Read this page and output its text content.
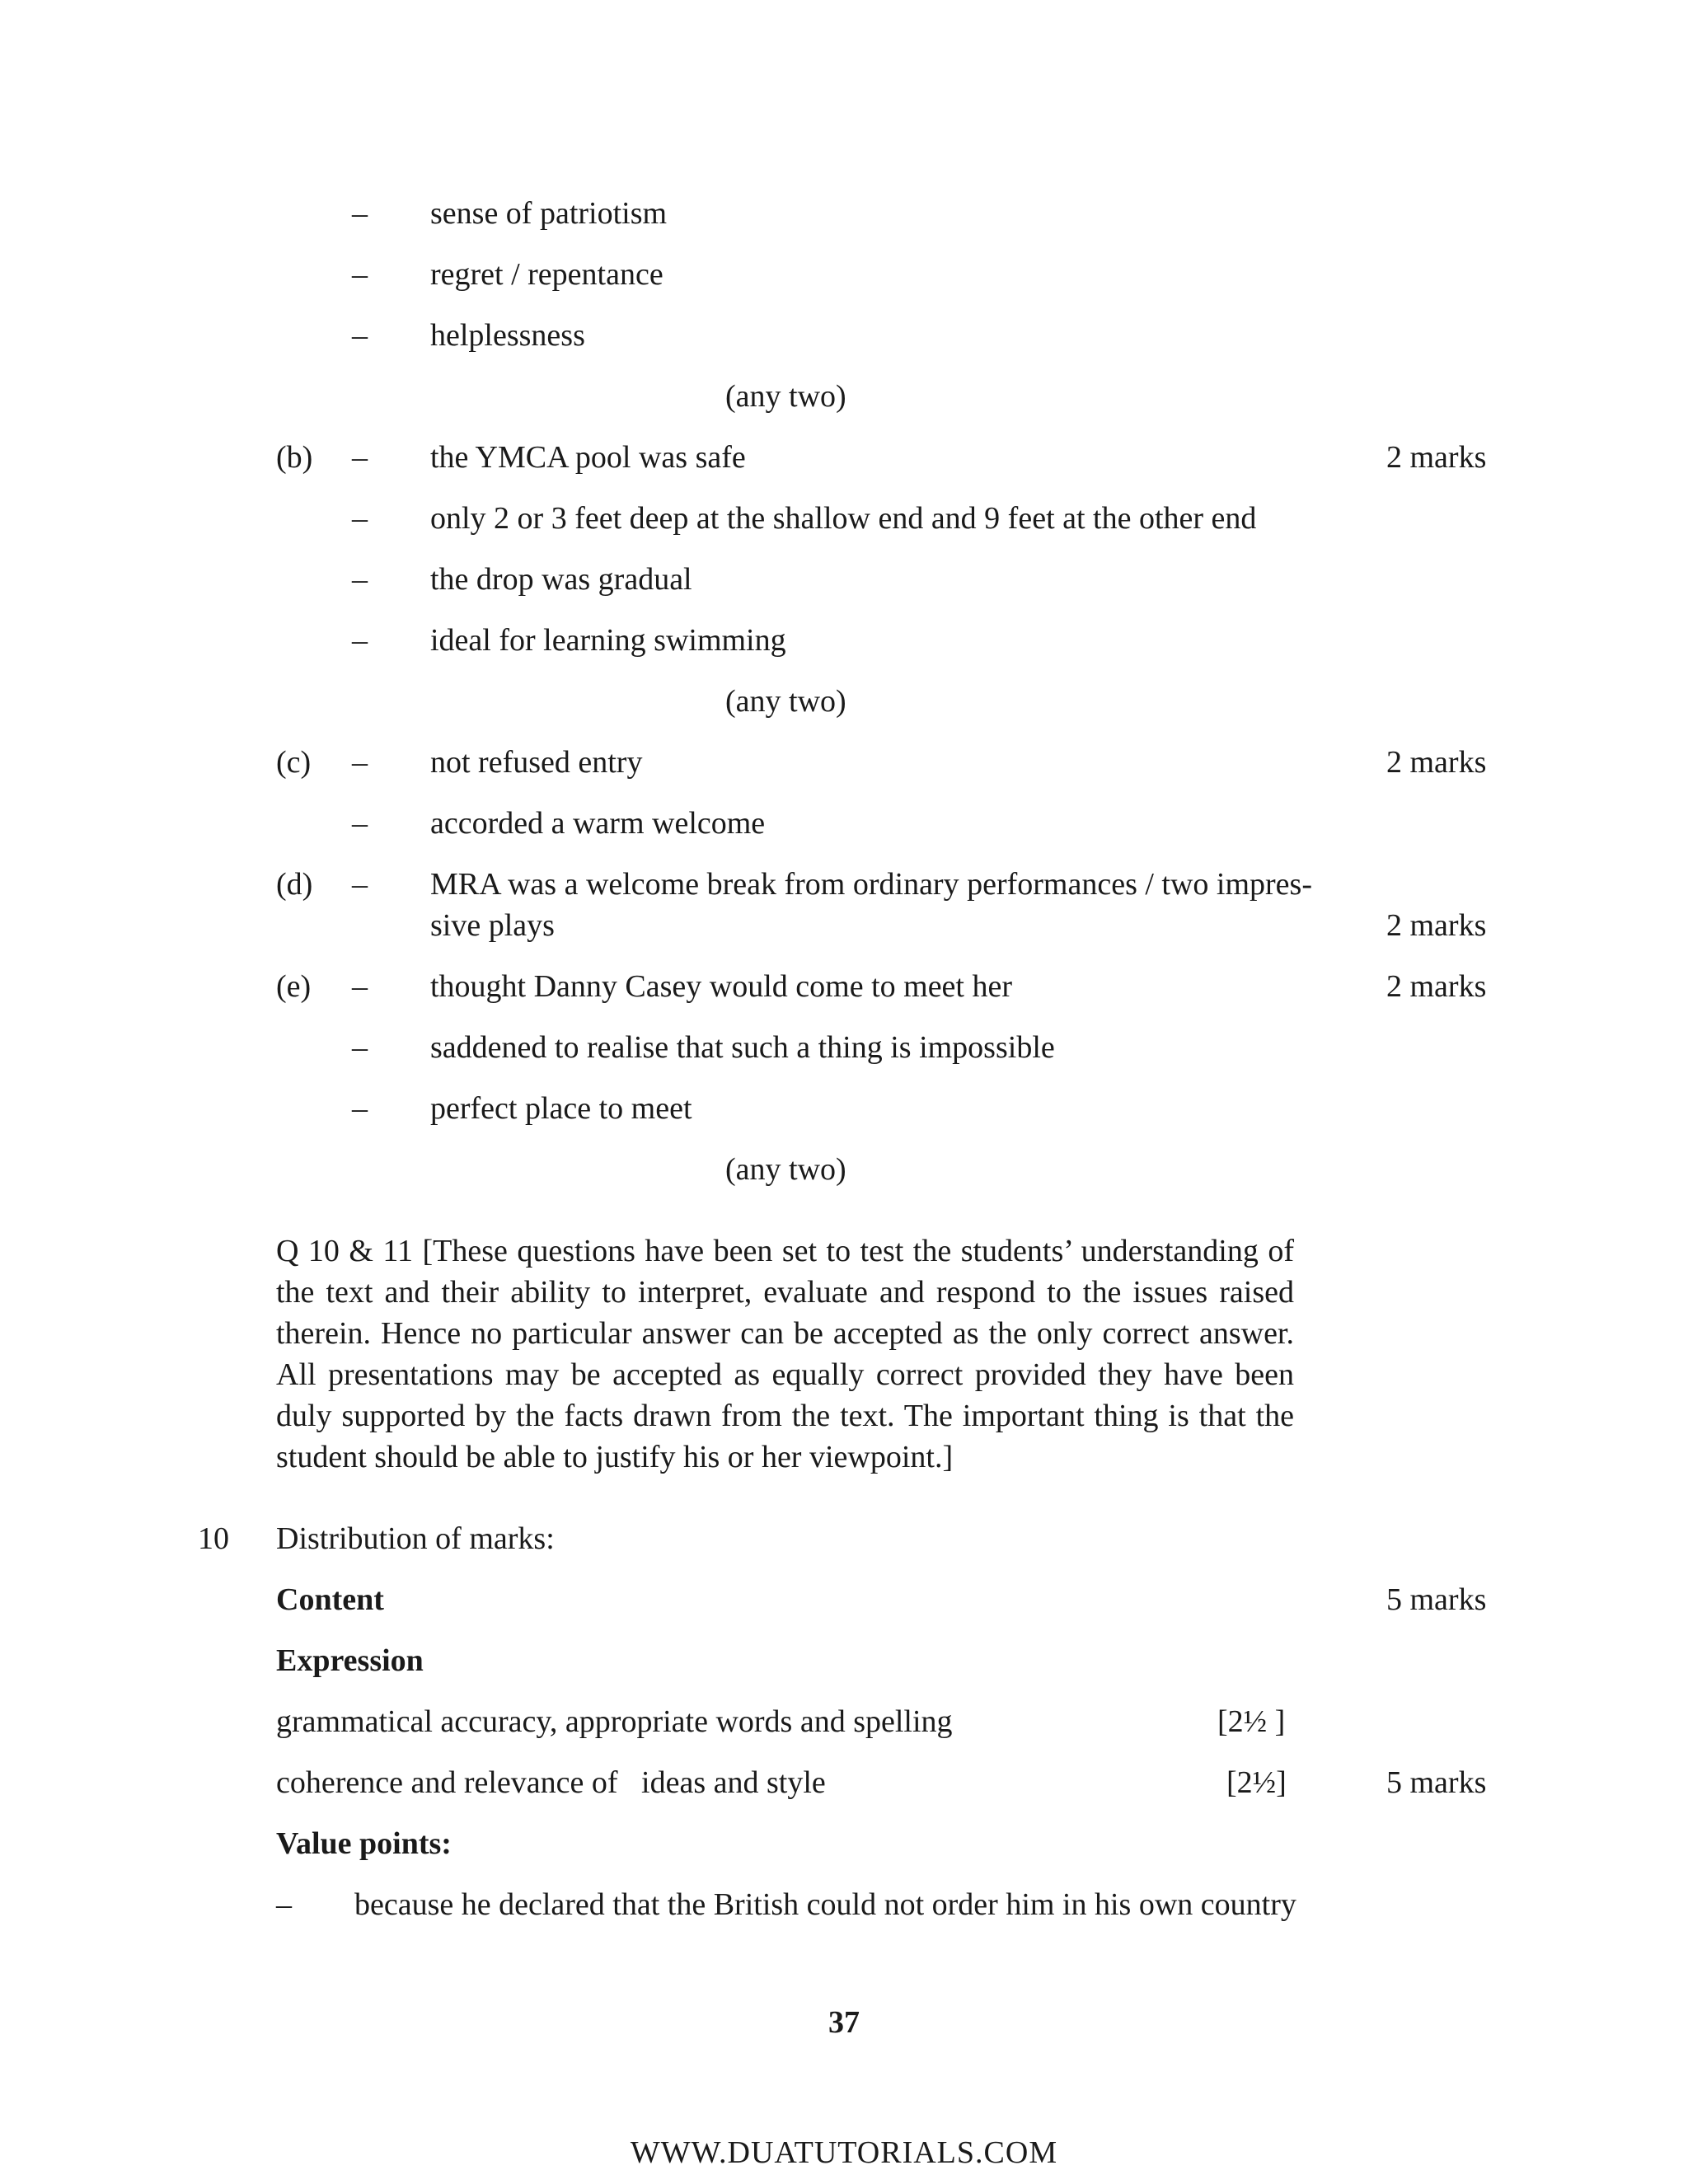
– sense of patriotism
– regret / repentance
– helplessness
(any two)
(b) – the YMCA pool was safe	2 marks
– only 2 or 3 feet deep at the shallow end and 9 feet at the other end
– the drop was gradual
– ideal for learning swimming
(any two)
(c) – not refused entry	2 marks
– accorded a warm welcome
(d) – MRA was a welcome break from ordinary performances / two impres-
sive plays	2 marks
(e) – thought Danny Casey would come to meet her	2 marks
– saddened to realise that such a thing is impossible
– perfect place to meet
(any two)
Q 10 & 11 [These questions have been set to test the students’ understanding of the text and their ability to interpret, evaluate and respond to the issues raised therein. Hence no particular answer can be accepted as the only correct answer. All presentations may be accepted as equally correct provided they have been duly supported by the facts drawn from the text. The important thing is that the student should be able to justify his or her viewpoint.]
10 Distribution of marks:
Content	5 marks
Expression
grammatical accuracy, appropriate words and spelling	[2½ ]
coherence and relevance of   ideas and style	[2½]	5 marks
Value points:
– because he declared that the British could not order him in his own country
37
WWW.DUATUTORIALS.COM
